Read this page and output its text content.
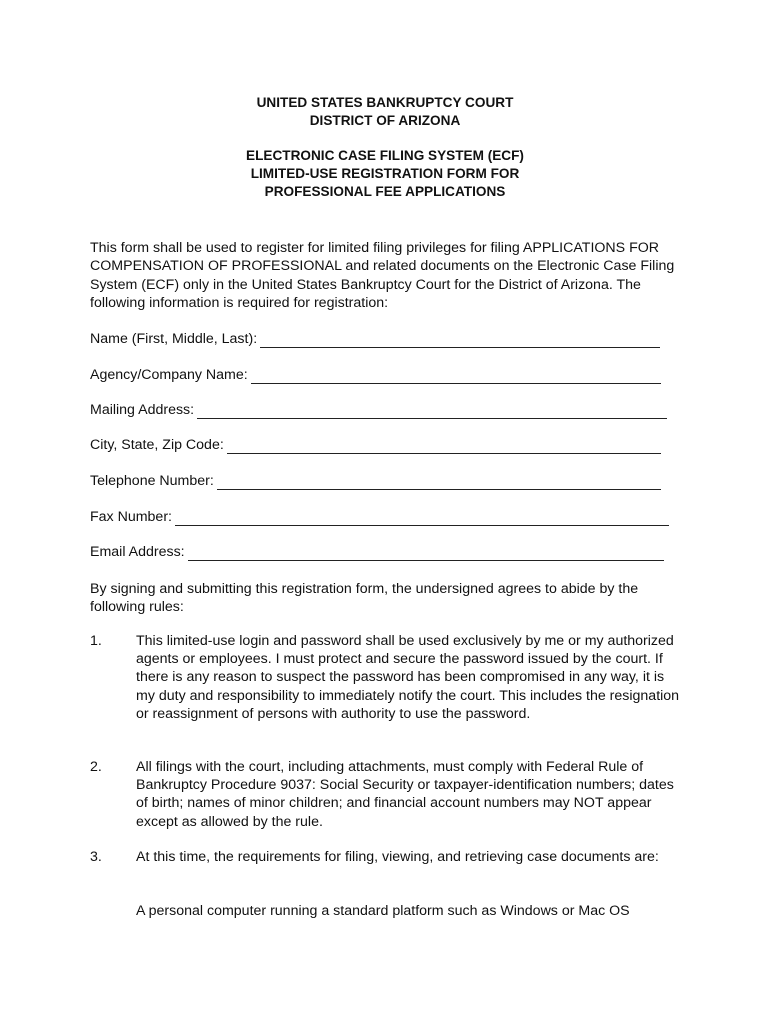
UNITED STATES BANKRUPTCY COURT
DISTRICT OF ARIZONA
ELECTRONIC CASE FILING SYSTEM (ECF)
LIMITED-USE REGISTRATION FORM FOR
PROFESSIONAL FEE APPLICATIONS
This form shall be used to register for limited filing privileges for filing APPLICATIONS FOR COMPENSATION OF PROFESSIONAL and related documents on the Electronic Case Filing System (ECF) only in the United States Bankruptcy Court for the District of Arizona. The following information is required for registration:
Name (First, Middle, Last):
Agency/Company Name:
Mailing Address:
City, State, Zip Code:
Telephone Number:
Fax Number:
Email Address:
By signing and submitting this registration form, the undersigned agrees to abide by the following rules:
1. This limited-use login and password shall be used exclusively by me or my authorized agents or employees. I must protect and secure the password issued by the court. If there is any reason to suspect the password has been compromised in any way, it is my duty and responsibility to immediately notify the court. This includes the resignation or reassignment of persons with authority to use the password.
2. All filings with the court, including attachments, must comply with Federal Rule of Bankruptcy Procedure 9037: Social Security or taxpayer-identification numbers; dates of birth; names of minor children; and financial account numbers may NOT appear except as allowed by the rule.
3. At this time, the requirements for filing, viewing, and retrieving case documents are:
A personal computer running a standard platform such as Windows or Mac OS
